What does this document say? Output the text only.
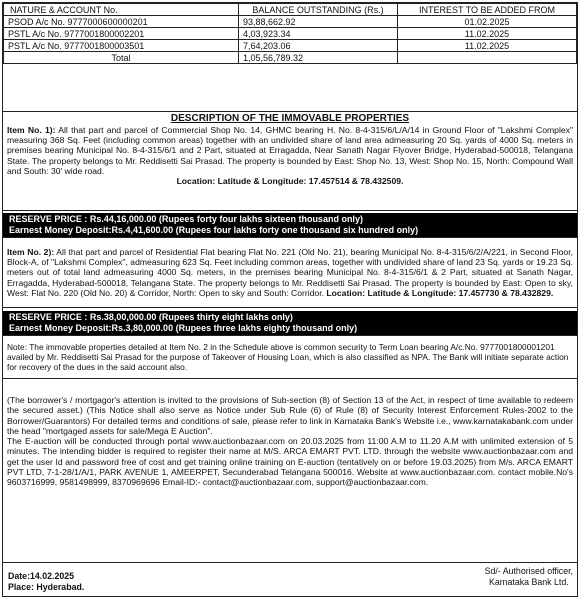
NATURE & ACCOUNT No.	BALANCE OUTSTANDING (Rs.)	INTEREST TO BE ADDED FROM
PSOD A/c No. 9777000600000201	93,88,662.92	01.02.2025
PSTL A/c No. 9777001800002201	4,03,923.34	11.02.2025
PSTL A/c No. 9777001800003501	7,64,203.06	11.02.2025
Total	1,05,56,789.32	
DESCRIPTION OF THE IMMOVABLE PROPERTIES
Item No. 1): All that part and parcel of Commercial Shop No. 14, GHMC bearing H. No. 8-4-315/6/L/A/14 in Ground Floor of "Lakshmi Complex" measuring 368 Sq. Feet (including common areas) together with an undivided share of land area admeasuring 20 Sq. yards of 4000 Sq. meters in premises bearing Municipal No. 8-4-315/6/1 and 2 Part, situated at Erragadda, Near Sanath Nagar Flyover Bridge, Hyderabad-500018, Telangana State. The property belongs to Mr. Reddisetti Sai Prasad. The property is bounded by East: Shop No. 13, West: Shop No. 15, North: Compound Wall and South: 30' wide road.
Location: Latitude & Longitude: 17.457514 & 78.432509.
RESERVE PRICE : Rs.44,16,000.00 (Rupees forty four lakhs sixteen thousand only)
Earnest Money Deposit:Rs.4,41,600.00 (Rupees four lakhs forty one thousand six hundred only)
Item No. 2): All that part and parcel of Residential Flat bearing Flat No. 221 (Old No. 21), bearing Municipal No. 8-4-315/6/2/A/221, in Second Floor, Block-A, of "Lakshmi Complex", admeasuring 623 Sq. Feet including common areas, together with undivided share of land 23 Sq. yards or 19.23 Sq. meters out of total land admeasuring 4000 Sq. meters, in the premises bearing Municipal No. 8-4-315/6/1 & 2 Part, situated at Sanath Nagar, Erragadda, Hyderabad-500018, Telangana State. The property belongs to Mr. Reddisetti Sai Prasad. The property is bounded by East: Open to sky, West: Flat No. 220 (Old No. 20) & Corridor, North: Open to sky and South: Corridor. Location: Latitude & Longitude: 17.457730 & 78.432829.
RESERVE PRICE : Rs.38,00,000.00 (Rupees thirty eight lakhs only)
Earnest Money Deposit:Rs.3,80,000.00 (Rupees three lakhs eighty thousand only)
Note: The immovable properties detailed at Item No. 2 in the Schedule above is common security to Term Loan bearing A/c.No. 9777001800001201 availed by Mr. Reddisetti Sai Prasad for the purpose of Takeover of Housing Loan, which is also classified as NPA. The Bank will initiate separate action for recovery of the dues in the said account also.
(The borrower's / mortgagor's attention is invited to the provisions of Sub-section (8) of Section 13 of the Act, in respect of time available to redeem the secured asset.) (This Notice shall also serve as Notice under Sub Rule (6) of Rule (8) of Security Interest Enforcement Rules-2002 to the Borrower/Guarantors) For detailed terms and conditions of sale, please refer to link in Karnataka Bank's Website i.e., www.karnatakabank.com under the head "mortgaged assets for sale/Mega E Auction".
The E-auction will be conducted through portal www.auctionbazaar.com on 20.03.2025 from 11:00 A.M to 11.20 A.M with unlimited extension of 5 minutes. The intending bidder is required to register their name at M/S. ARCA EMART PVT. LTD. through the website www.auctionbazaar.com and get the user Id and password free of cost and get training online training on E-auction (tentatively on or before 19.03.2025) from M/s. ARCA EMART PVT LTD, 7-1-28/1/A/1, PARK AVENUE 1, AMEERPET, Secunderabad Telangana 500016. Website at www.auctionbazaar.com. contact mobile.No's 9603716999, 9581498999, 8370969696 Email-ID:- contact@auctionbazaar.com, support@auctionbazaar.com.
Date:14.02.2025
Place: Hyderabad.
Sd/- Authorised officer,
Karnataka Bank Ltd.
